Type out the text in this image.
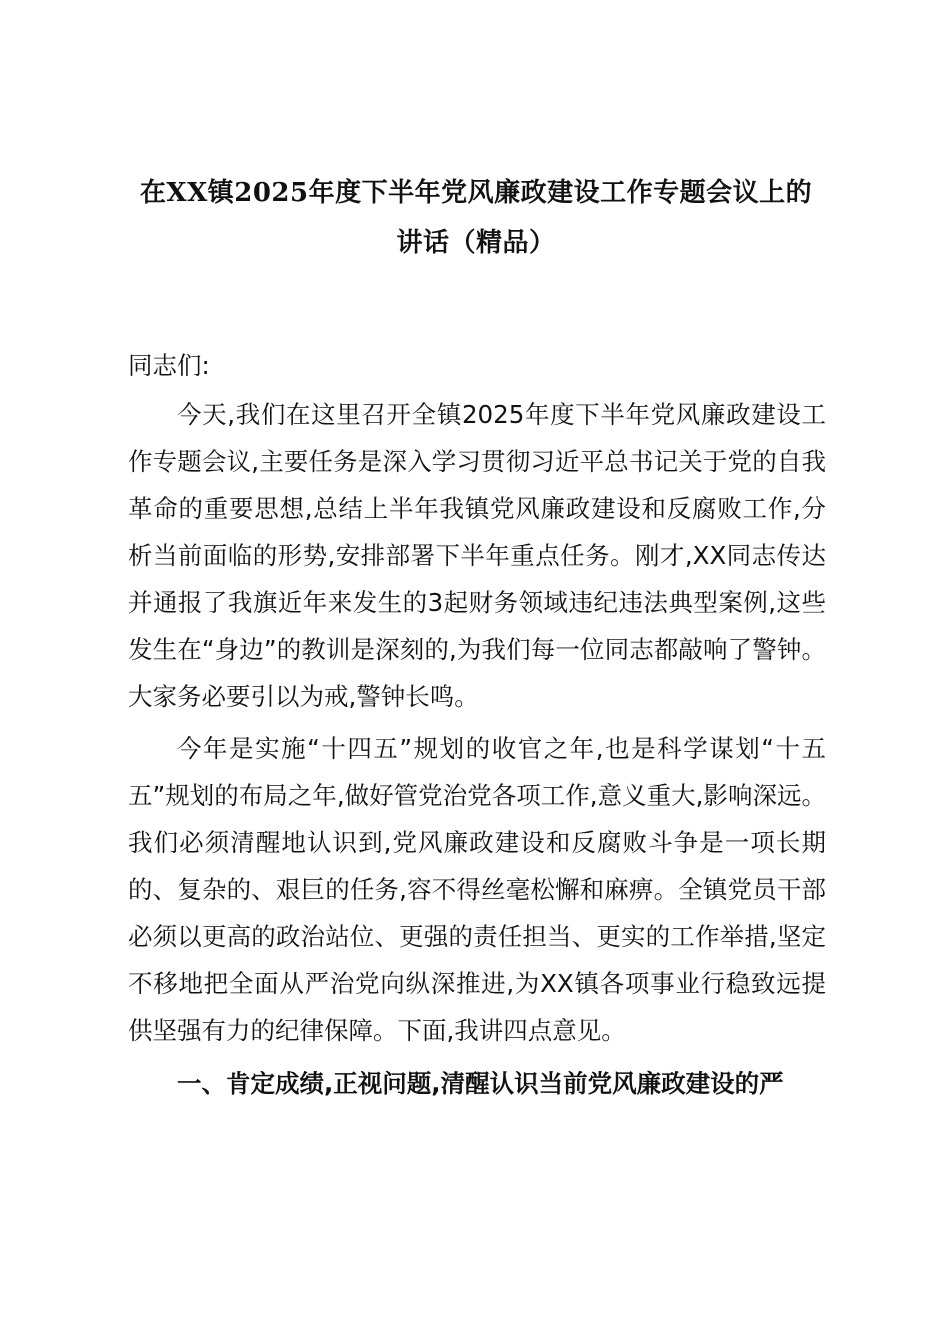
在XX镇2025年度下半年党风廉政建设工作专题会议上的讲话（精品）

同志们:

今天,我们在这里召开全镇2025年度下半年党风廉政建设工作专题会议,主要任务是深入学习贯彻习近平总书记关于党的自我革命的重要思想,总结上半年我镇党风廉政建设和反腐败工作,分析当前面临的形势,安排部署下半年重点任务。刚才,XX同志传达并通报了我旗近年来发生的3起财务领域违纪违法典型案例,这些发生在“身边”的教训是深刻的,为我们每一位同志都敲响了警钟。大家务必要引以为戒,警钟长鸣。

今年是实施“十四五”规划的收官之年,也是科学谋划“十五五”规划的布局之年,做好管党治党各项工作,意义重大,影响深远。我们必须清醒地认识到,党风廉政建设和反腐败斗争是一项长期的、复杂的、艰巨的任务,容不得丝毫松懈和麻痹。全镇党员干部必须以更高的政治站位、更强的责任担当、更实的工作举措,坚定不移地把全面从严治党向纵深推进,为XX镇各项事业行稳致远提供坚强有力的纪律保障。下面,我讲四点意见。

一、肯定成绩,正视问题,清醒认识当前党风廉政建设的严
